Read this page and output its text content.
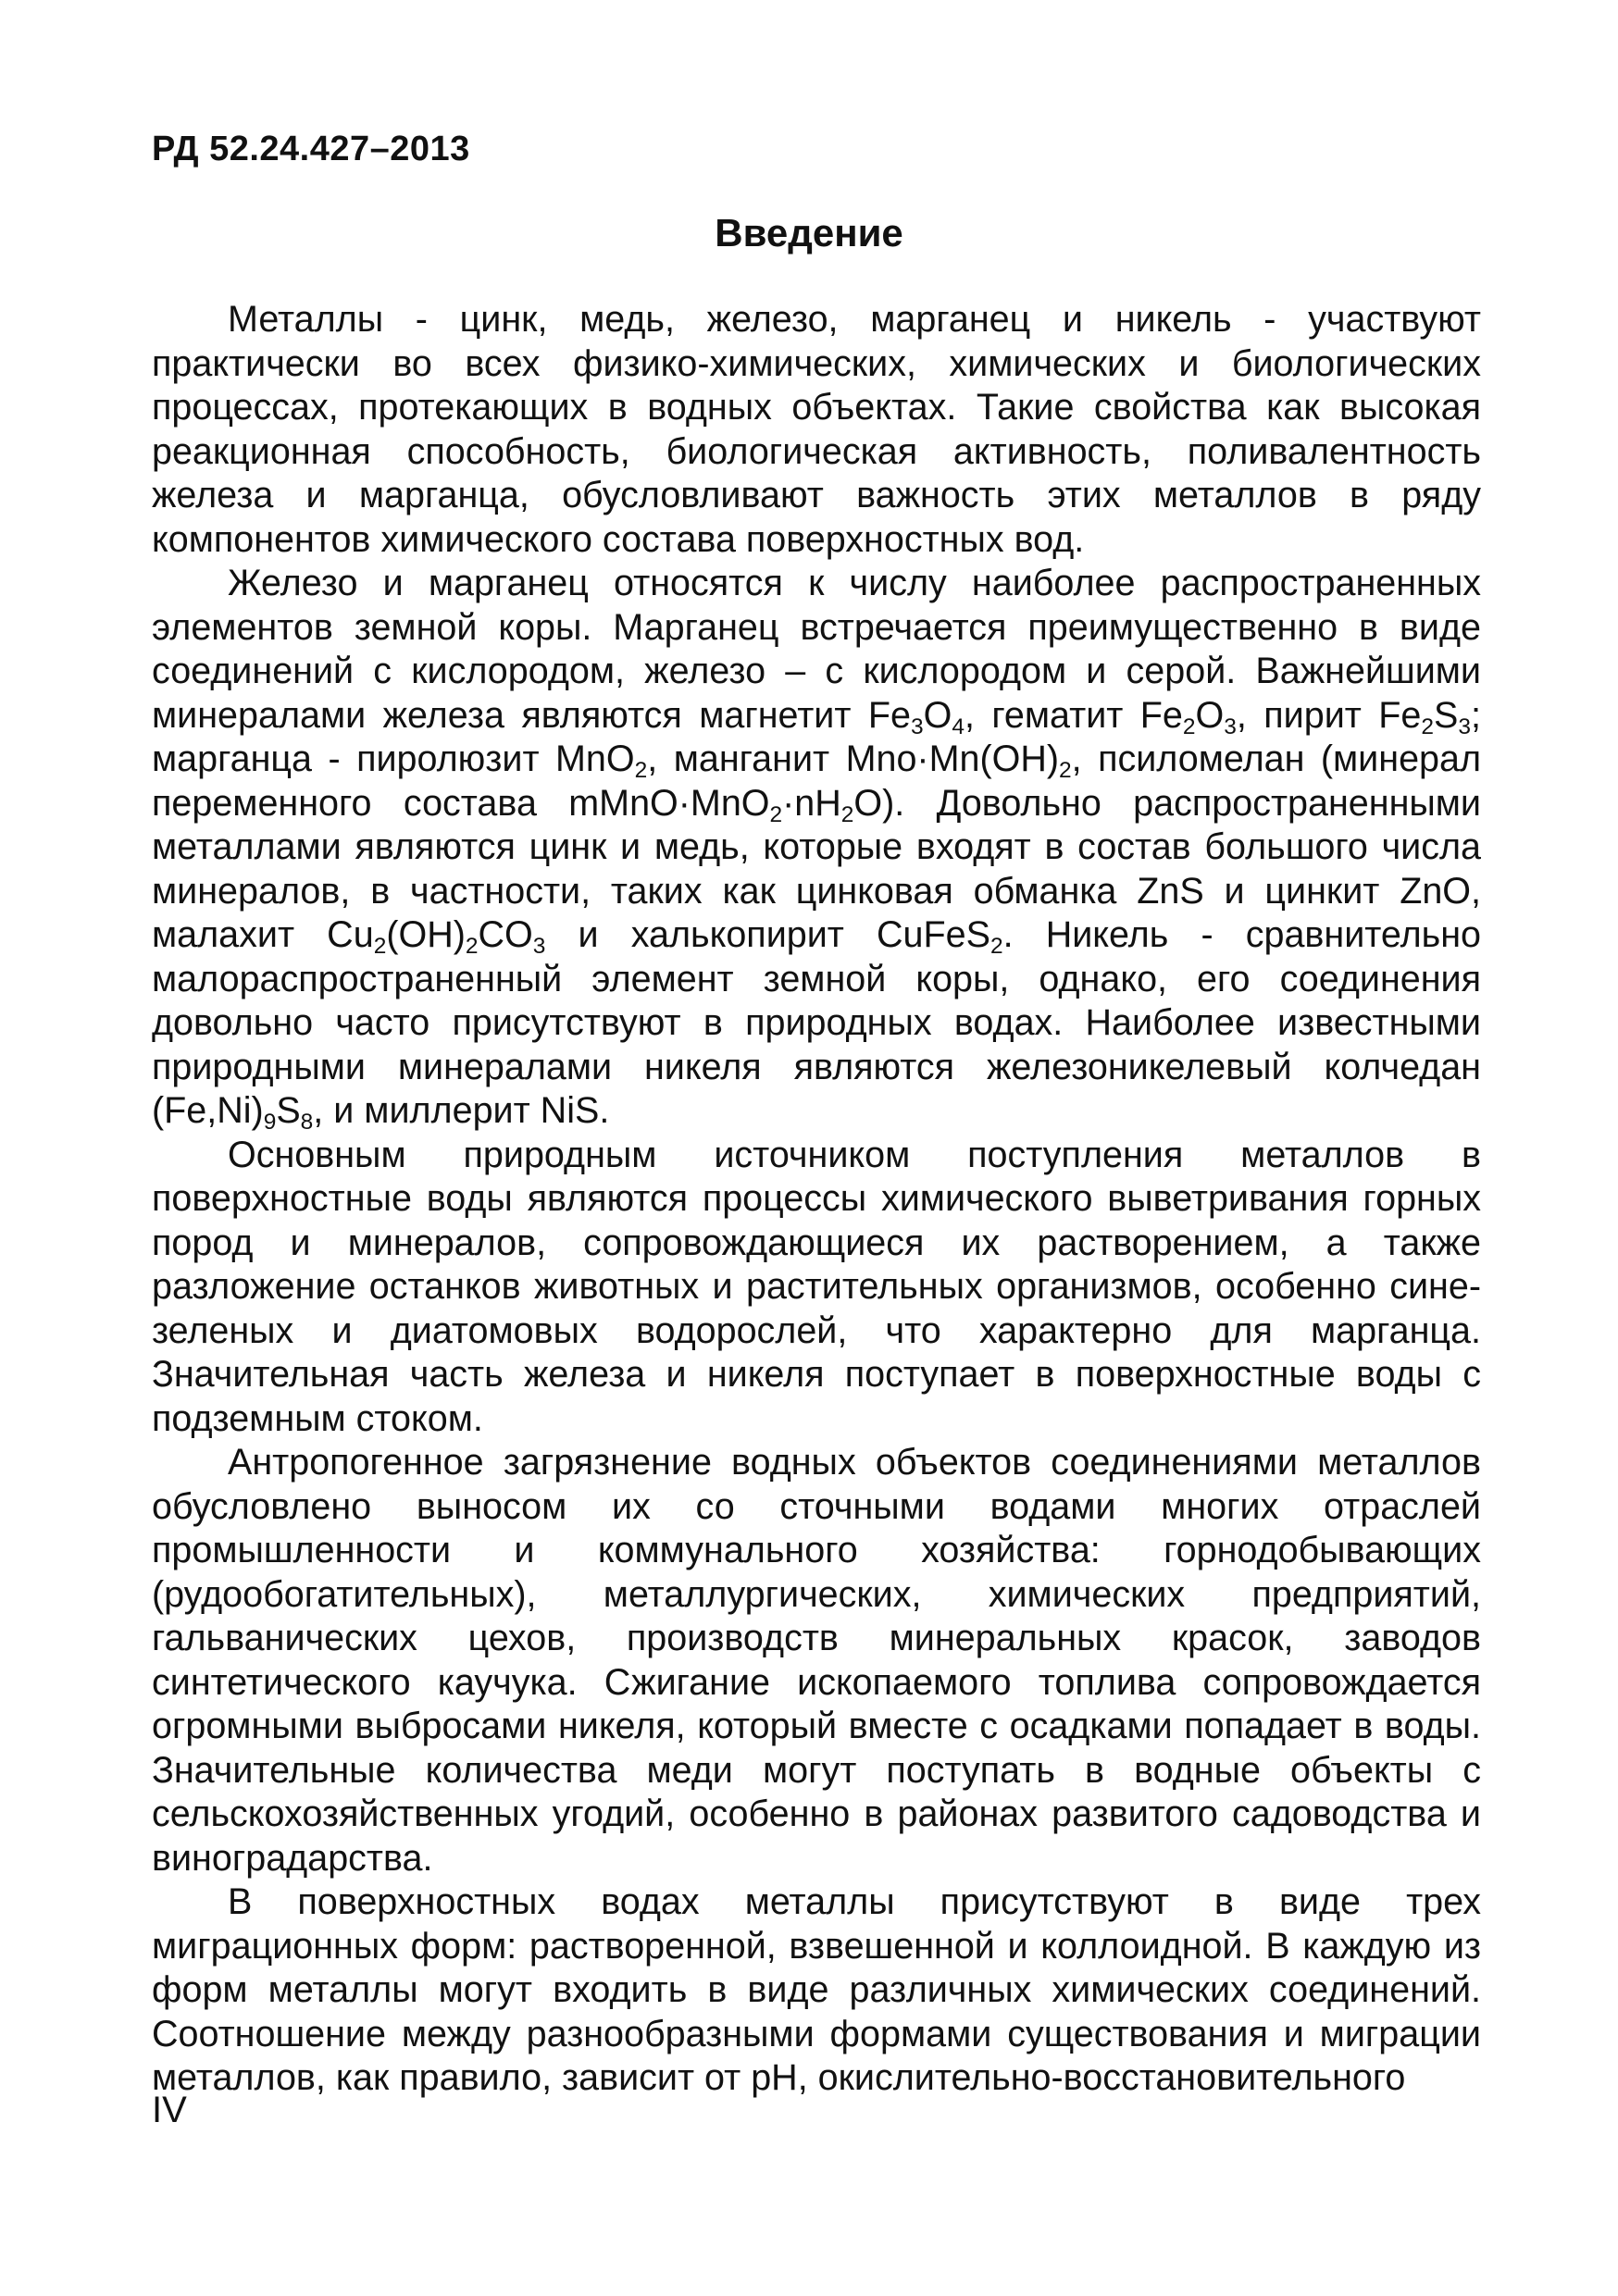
РД 52.24.427–2013
Введение

Металлы - цинк, медь, железо, марганец и никель - участвуют практически во всех физико-химических, химических и биологических процессах, протекающих в водных объектах. Такие свойства как высокая реакционная способность, биологическая активность, поливалентность железа и марганца, обусловливают важность этих металлов в ряду компонентов химического состава поверхностных вод.

Железо и марганец относятся к числу наиболее распространенных элементов земной коры. Марганец встречается преимущественно в виде соединений с кислородом, железо – с кислородом и серой. Важнейшими минералами железа являются магнетит $Fe_3O_4$, гематит $Fe_2O_3$, пирит $Fe_2S_3$; марганца - пиролюзит MnO$_2$, манганит $Mno\cdot Mn(OH)_2$, псиломелан (минерал переменного состава $mMnO\cdot MnO_2\cdot nH_2O$). Довольно распространенными металлами являются цинк и медь, которые входят в состав большого числа минералов, в частности, таких как цинковая обманка ZnS и цинкит ZnO, малахит $Cu_2(OH)_2CO_3$ и халькопирит CuFeS$_2$. Никель - сравнительно малораспространенный элемент земной коры, однако, его соединения довольно часто присутствуют в природных водах. Наиболее известными природными минералами никеля являются железоникелевый колчедан $(Fe,Ni)_9S_8$, и миллерит NiS.

Основным природным источником поступления металлов в поверхностные воды являются процессы химического выветривания горных пород и минералов, сопровождающиеся их растворением, а также разложение останков животных и растительных организмов, особенно сине-зеленых и диатомовых водорослей, что характерно для марганца. Значительная часть железа и никеля поступает в поверхностные воды с подземным стоком.

Антропогенное загрязнение водных объектов соединениями металлов обусловлено выносом их со сточными водами многих отраслей промышленности и коммунального хозяйства: горнодобывающих (рудообогатительных), металлургических, химических предприятий, гальванических цехов, производств минеральных красок, заводов синтетического каучука. Сжигание ископаемого топлива сопровождается огромными выбросами никеля, который вместе с осадками попадает в воды. Значительные количества меди могут поступать в водные объекты с сельскохозяйственных угодий, особенно в районах развитого садоводства и виноградарства.

В поверхностных водах металлы присутствуют в виде трех миграционных форм: растворенной, взвешенной и коллоидной. В каждую из форм металлы могут входить в виде различных химических соединений. Соотношение между разнообразными формами существования и миграции металлов, как правило, зависит от pH, окислительно-восстановительного

IV
